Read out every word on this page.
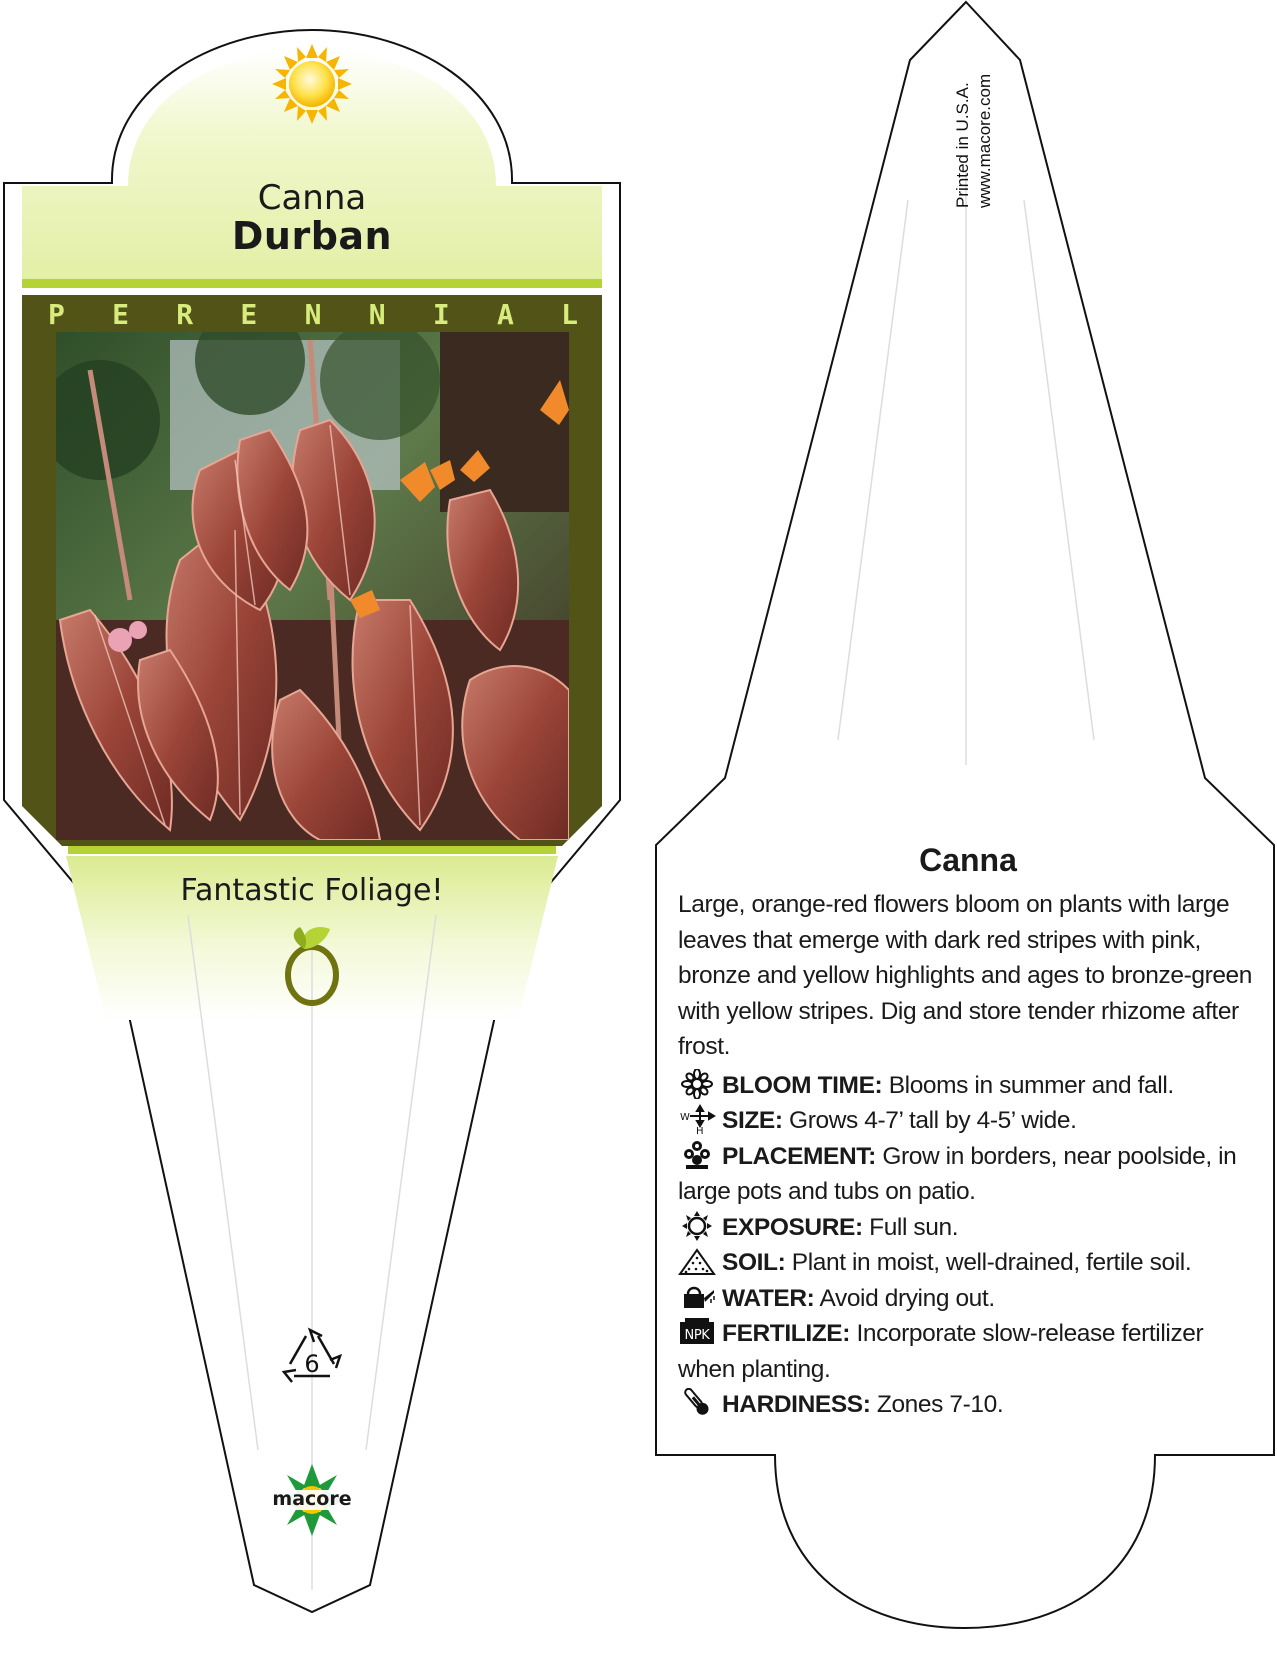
6
Canna
Durban
P E R E N N I A L
Fantastic Foliage!
macore
Printed in U.S.A. www.macore.com
Canna
Large, orange-red flowers bloom on plants with large leaves that emerge with dark red stripes with pink, bronze and yellow highlights and ages to bronze-green with yellow stripes. Dig and store tender rhizome after frost.
BLOOM TIME: Blooms in summer and fall.
W
H SIZE: Grows 4-7’ tall by 4-5’ wide.
PLACEMENT: Grow in borders, near poolside, in large pots and tubs on patio.
EXPOSURE: Full sun.
SOIL: Plant in moist, well-drained, fertile soil.
WATER: Avoid drying out.
NPK FERTILIZE: Incorporate slow-release fertilizer when planting.
HARDINESS: Zones 7-10.
